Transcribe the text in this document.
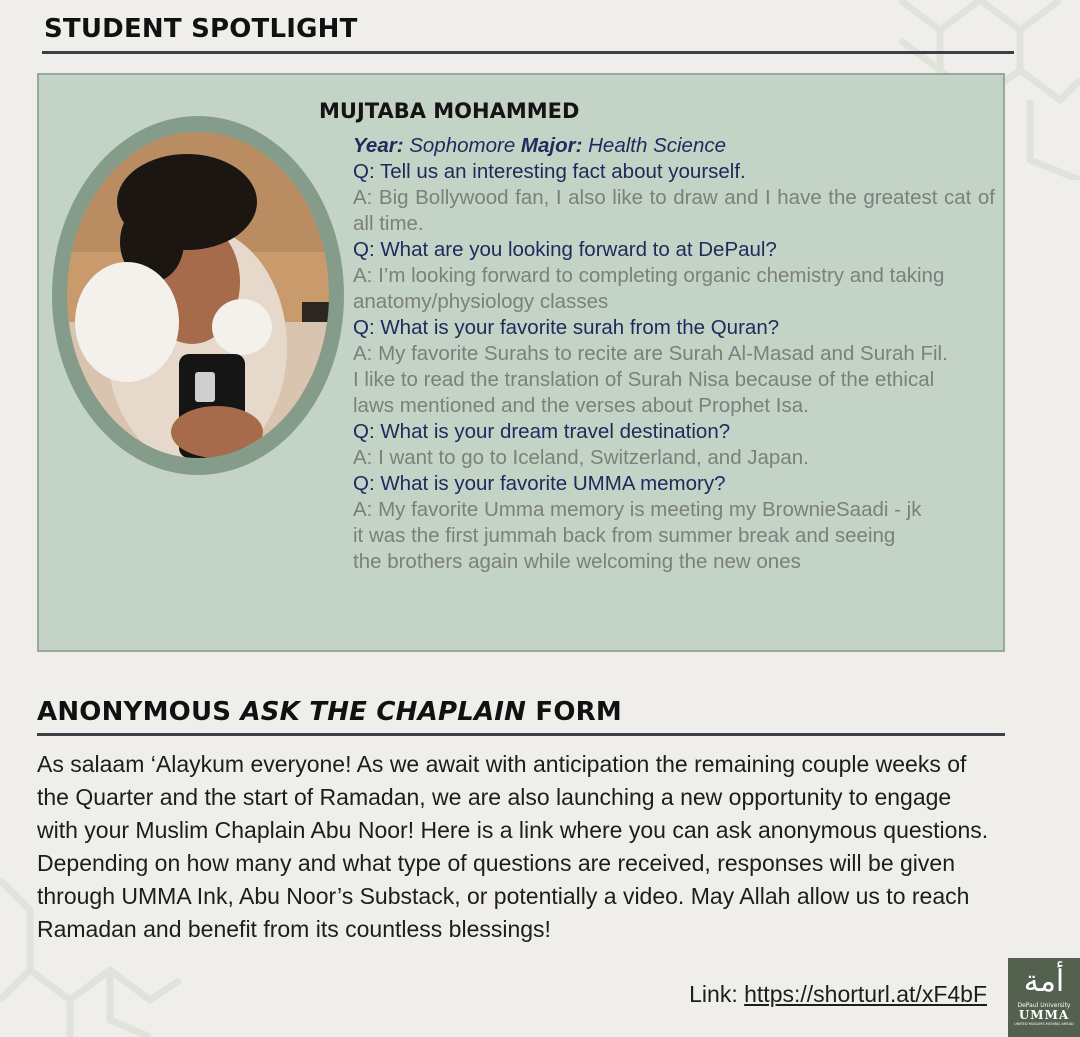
STUDENT SPOTLIGHT
MUJTABA MOHAMMED

Year: Sophomore Major: Health Science

Q: Tell us an interesting fact about yourself.

A: Big Bollywood fan, I also like to draw and I have the greatest cat of all time.

Q: What are you looking forward to at DePaul?

A: I’m looking forward to completing organic chemistry and taking anatomy/physiology classes

Q: What is your favorite surah from the Quran?

A: My favorite Surahs to recite are Surah Al-Masad and Surah Fil. I like to read the translation of Surah Nisa because of the ethical laws mentioned and the verses about Prophet Isa.

Q: What is your dream travel destination?

A: I want to go to Iceland, Switzerland, and Japan.

Q: What is your favorite UMMA memory?

A: My favorite Umma memory is meeting my BrownieSaadi - jk it was the first jummah back from summer break and seeing the brothers again while welcoming the new ones

ANONYMOUS ASK THE CHAPLAIN FORM

As salaam ‘Alaykum everyone! As we await with anticipation the remaining couple weeks of the Quarter and the start of Ramadan, we are also launching a new opportunity to engage with your Muslim Chaplain Abu Noor! Here is a link where you can ask anonymous questions. Depending on how many and what type of questions are received, responses will be given through UMMA Ink, Abu Noor’s Substack, or potentially a video. May Allah allow us to reach Ramadan and benefit from its countless blessings!

Link: https://shorturl.at/xF4bF	أمة
DePaul University
UMMA
UNITED MUSLIMS MOVING AHEAD
